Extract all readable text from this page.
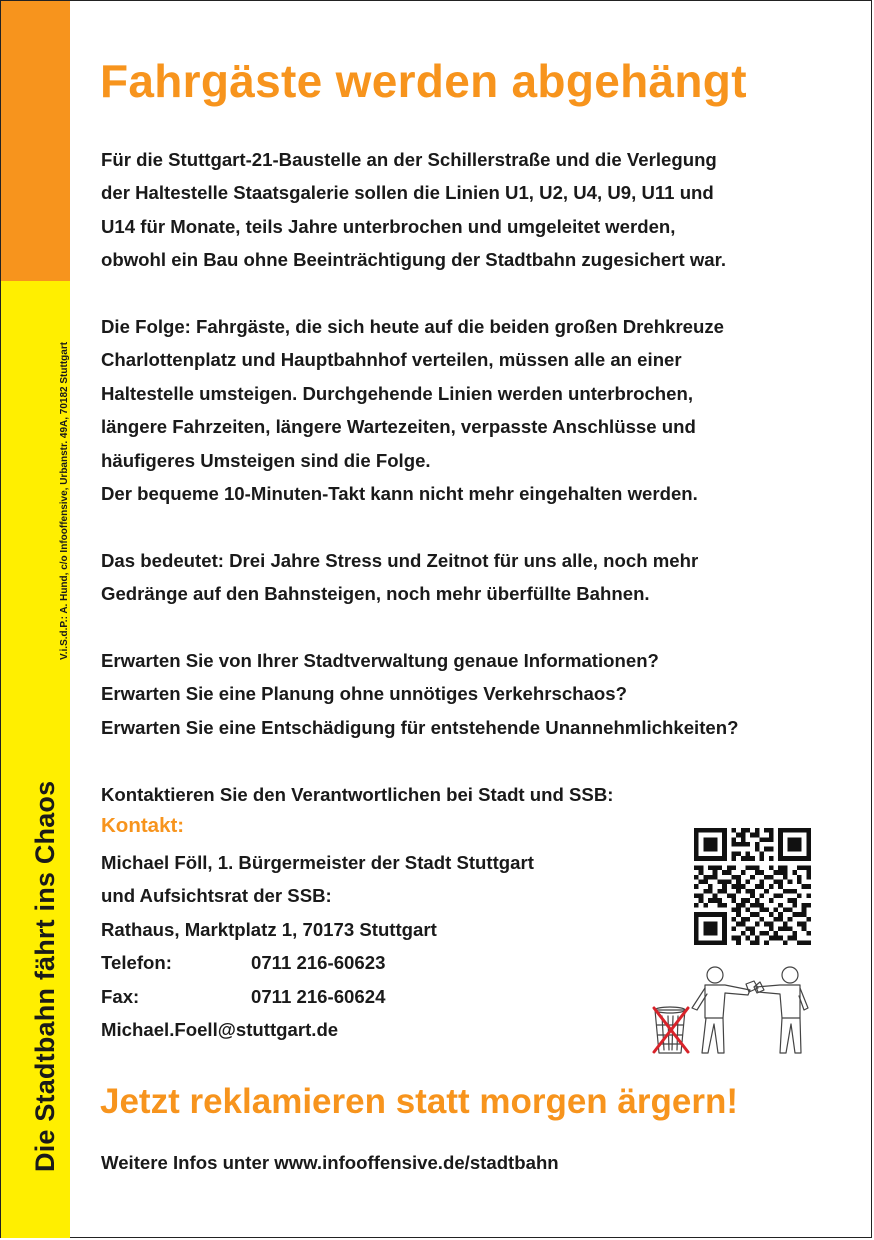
Die Stadtbahn fährt ins Chaos
V.i.S.d.P.: A. Hund, c/o Infooffensive, Urbanstr. 49A, 70182 Stuttgart
Fahrgäste werden abgehängt

Für die Stuttgart-21-Baustelle an der Schillerstraße und die Verlegung

der Haltestelle Staatsgalerie sollen die Linien U1, U2, U4, U9, U11 und

U14 für Monate, teils Jahre unterbrochen und umgeleitet werden,

obwohl ein Bau ohne Beeinträchtigung der Stadtbahn zugesichert war.

Die Folge: Fahrgäste, die sich heute auf die beiden großen Drehkreuze

Charlottenplatz und Hauptbahnhof verteilen, müssen alle an einer

Haltestelle umsteigen. Durchgehende Linien werden unterbrochen,

längere Fahrzeiten, längere Wartezeiten, verpasste Anschlüsse und

häufigeres Umsteigen sind die Folge.

Der bequeme 10-Minuten-Takt kann nicht mehr eingehalten werden.

Das bedeutet: Drei Jahre Stress und Zeitnot für uns alle, noch mehr

Gedränge auf den Bahnsteigen, noch mehr überfüllte Bahnen.

Erwarten Sie von Ihrer Stadtverwaltung genaue Informationen?

Erwarten Sie eine Planung ohne unnötiges Verkehrschaos?

Erwarten Sie eine Entschädigung für entstehende Unannehmlichkeiten?

Kontaktieren Sie den Verantwortlichen bei Stadt und SSB:

Kontakt:

Michael Föll, 1. Bürgermeister der Stadt Stuttgart

und Aufsichtsrat der SSB:

Rathaus, Marktplatz 1, 70173 Stuttgart

Telefon:	0711 216-60623

Fax:	0711 216-60624

Michael.Foell@stuttgart.de

Jetzt reklamieren statt morgen ärgern!
Weitere Infos unter www.infooffensive.de/stadtbahn
